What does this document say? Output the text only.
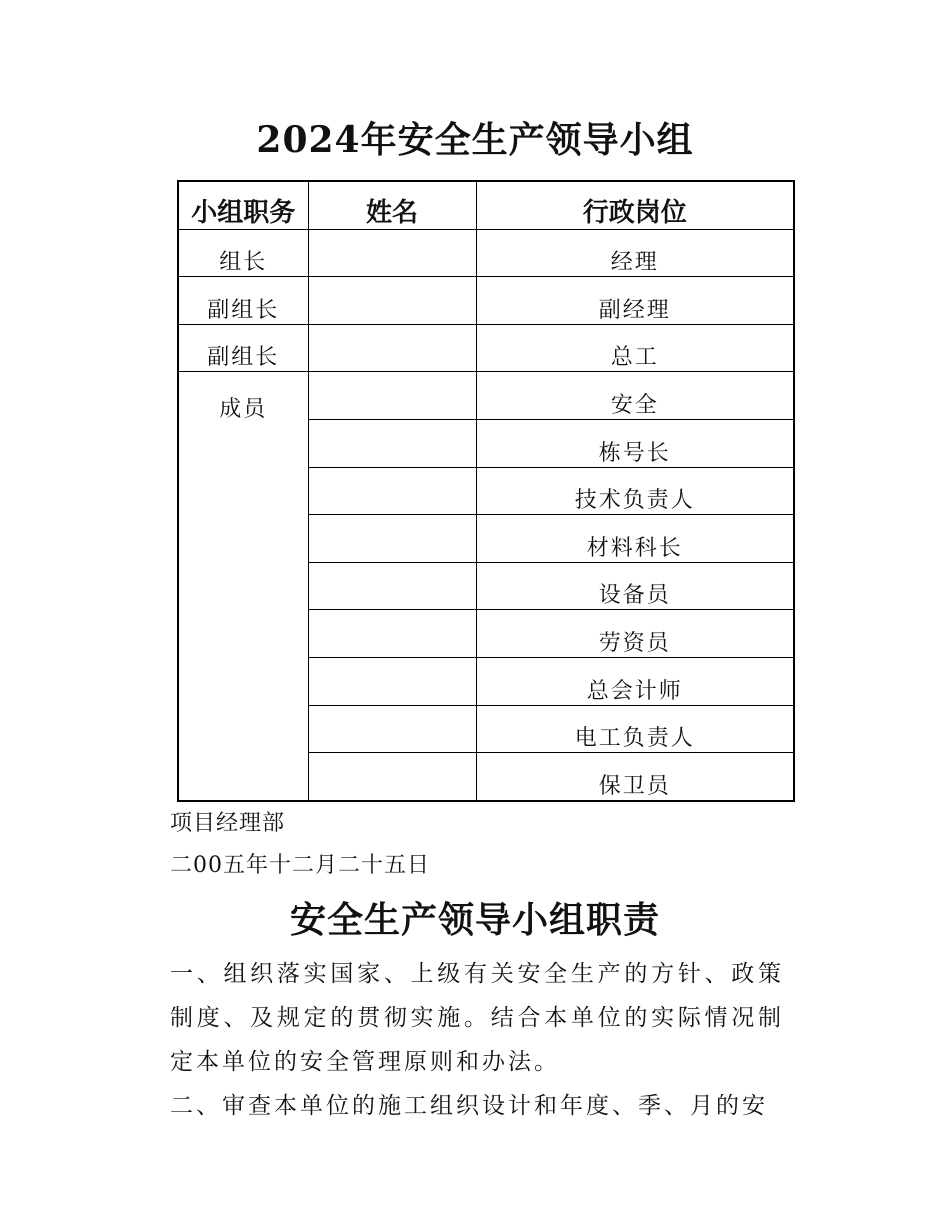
2024年安全生产领导小组
小组职务	姓名	行政岗位
组长		经理
副组长		副经理
副组长		总工
成员		安全
		栋号长
		技术负责人
		材料科长
		设备员
		劳资员
		总会计师
		电工负责人
		保卫员
项目经理部
二00五年十二月二十五日
安全生产领导小组职责

一、组织落实国家、上级有关安全生产的方针、政策制度、及规定的贯彻实施。结合本单位的实际情况制定本单位的安全管理原则和办法。

二、审查本单位的施工组织设计和年度、季、月的安
